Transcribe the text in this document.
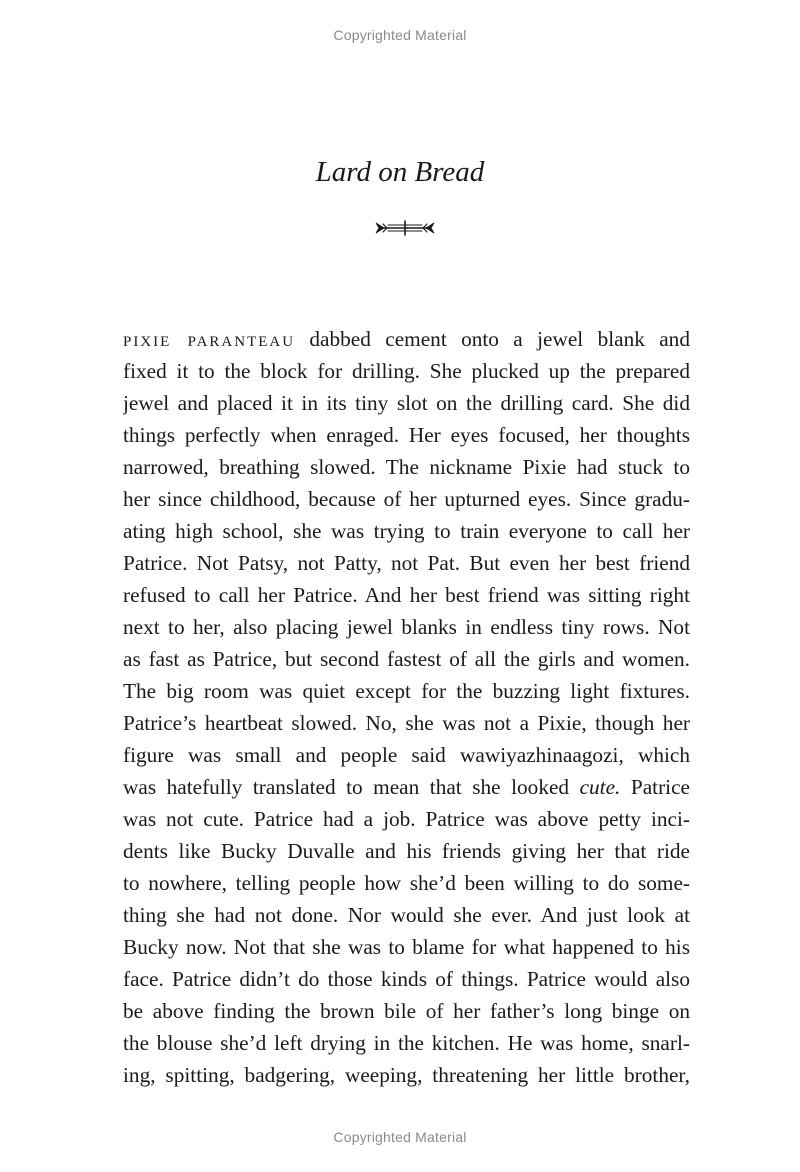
Copyrighted Material
Lard on Bread
pixie paranteau dabbed cement onto a jewel blank and
fixed it to the block for drilling. She plucked up the prepared
jewel and placed it in its tiny slot on the drilling card. She did
things perfectly when enraged. Her eyes focused, her thoughts
narrowed, breathing slowed. The nickname Pixie had stuck to
her since childhood, because of her upturned eyes. Since gradu-
ating high school, she was trying to train everyone to call her
Patrice. Not Patsy, not Patty, not Pat. But even her best friend
refused to call her Patrice. And her best friend was sitting right
next to her, also placing jewel blanks in endless tiny rows. Not
as fast as Patrice, but second fastest of all the girls and women.
The big room was quiet except for the buzzing light fixtures.
Patrice’s heartbeat slowed. No, she was not a Pixie, though her
figure was small and people said wawiyazhinaagozi, which
was hatefully translated to mean that she looked cute. Patrice
was not cute. Patrice had a job. Patrice was above petty inci-
dents like Bucky Duvalle and his friends giving her that ride
to nowhere, telling people how she’d been willing to do some-
thing she had not done. Nor would she ever. And just look at
Bucky now. Not that she was to blame for what happened to his
face. Patrice didn’t do those kinds of things. Patrice would also
be above finding the brown bile of her father’s long binge on
the blouse she’d left drying in the kitchen. He was home, snarl-
ing, spitting, badgering, weeping, threatening her little brother,
Copyrighted Material
